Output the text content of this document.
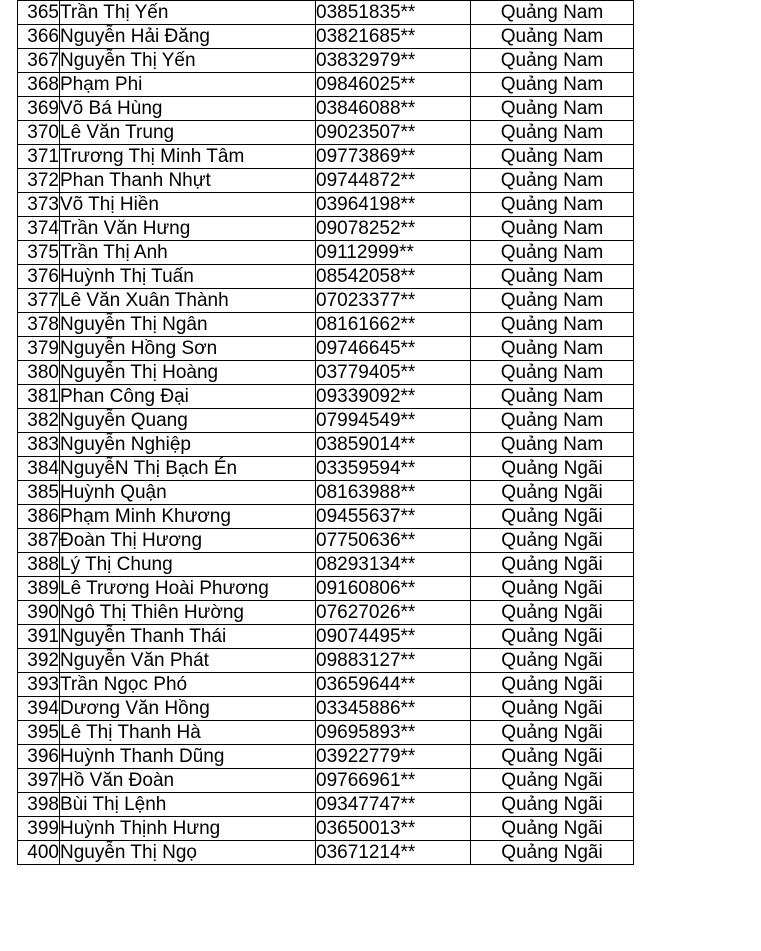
365	Trần Thị Yến	03851835**	Quảng Nam
366	Nguyễn Hải Đăng	03821685**	Quảng Nam
367	Nguyễn Thị Yến	03832979**	Quảng Nam
368	Phạm Phi	09846025**	Quảng Nam
369	Võ Bá Hùng	03846088**	Quảng Nam
370	Lê Văn Trung	09023507**	Quảng Nam
371	Trương Thị Minh Tâm	09773869**	Quảng Nam
372	Phan Thanh Nhựt	09744872**	Quảng Nam
373	Võ Thị Hiền	03964198**	Quảng Nam
374	Trần Văn Hưng	09078252**	Quảng Nam
375	Trần Thị Anh	09112999**	Quảng Nam
376	Huỳnh Thị Tuấn	08542058**	Quảng Nam
377	Lê Văn Xuân Thành	07023377**	Quảng Nam
378	Nguyễn Thị Ngân	08161662**	Quảng Nam
379	Nguyễn Hồng Sơn	09746645**	Quảng Nam
380	Nguyễn Thị Hoàng	03779405**	Quảng Nam
381	Phan Công Đại	09339092**	Quảng Nam
382	Nguyễn Quang	07994549**	Quảng Nam
383	Nguyễn Nghiệp	03859014**	Quảng Nam
384	NguyễN Thị Bạch Én	03359594**	Quảng Ngãi
385	Huỳnh Quận	08163988**	Quảng Ngãi
386	Phạm Minh Khương	09455637**	Quảng Ngãi
387	Đoàn Thị Hương	07750636**	Quảng Ngãi
388	Lý Thị Chung	08293134**	Quảng Ngãi
389	Lê Trương Hoài Phương	09160806**	Quảng Ngãi
390	Ngô Thị Thiên Hường	07627026**	Quảng Ngãi
391	Nguyễn Thanh Thái	09074495**	Quảng Ngãi
392	Nguyễn Văn Phát	09883127**	Quảng Ngãi
393	Trần Ngọc Phó	03659644**	Quảng Ngãi
394	Dương Văn Hồng	03345886**	Quảng Ngãi
395	Lê Thị Thanh Hà	09695893**	Quảng Ngãi
396	Huỳnh Thanh Dũng	03922779**	Quảng Ngãi
397	Hồ Văn Đoàn	09766961**	Quảng Ngãi
398	Bùi Thị Lệnh	09347747**	Quảng Ngãi
399	Huỳnh Thịnh Hưng	03650013**	Quảng Ngãi
400	Nguyễn Thị Ngọ	03671214**	Quảng Ngãi
